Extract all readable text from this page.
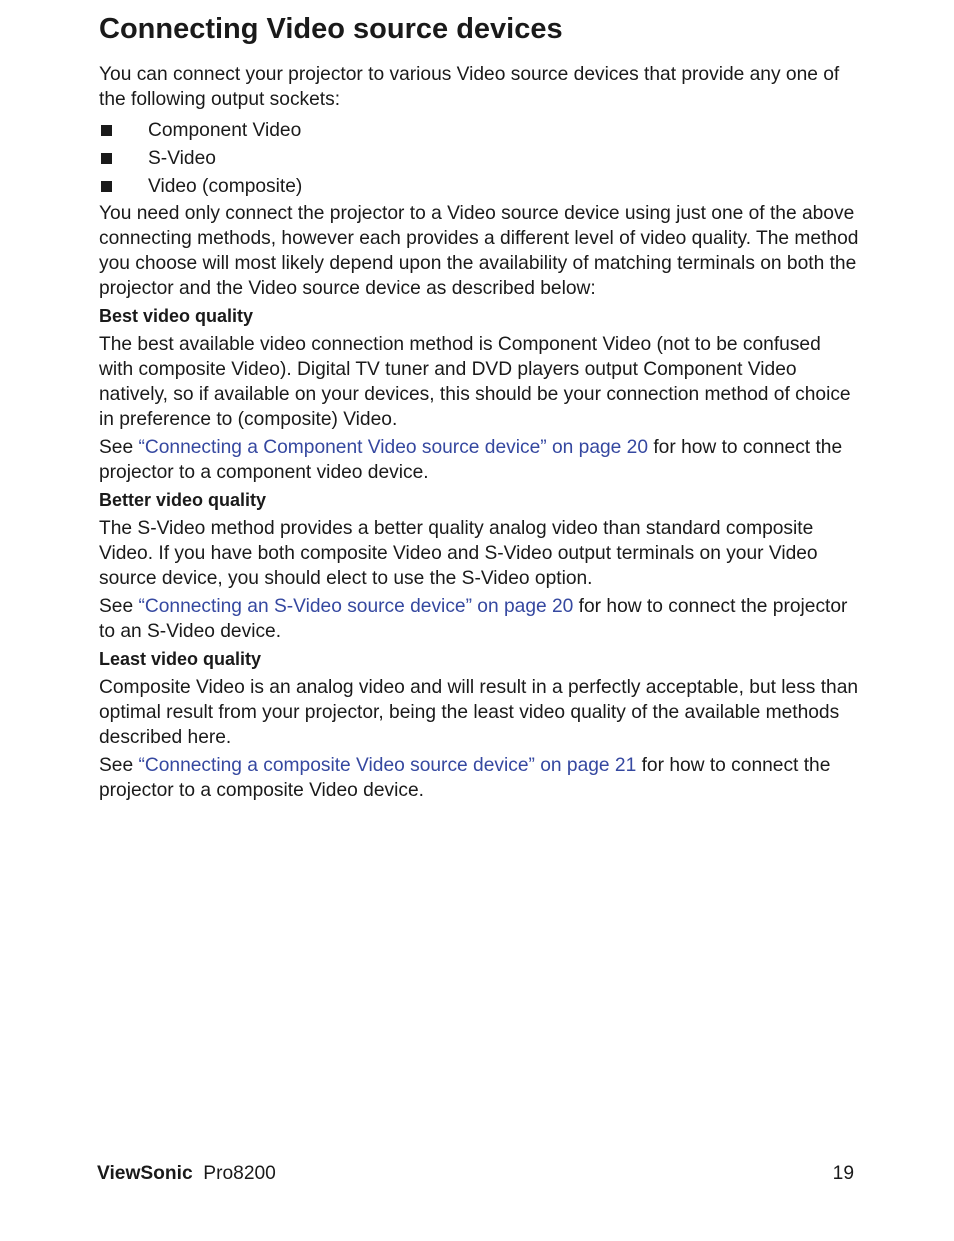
Connecting Video source devices

You can connect your projector to various Video source devices that provide any one of the following output sockets:

Component Video
S-Video
Video (composite)

You need only connect the projector to a Video source device using just one of the above connecting methods, however each provides a different level of video quality. The method you choose will most likely depend upon the availability of matching terminals on both the projector and the Video source device as described below:

Best video quality

The best available video connection method is Component Video (not to be confused with composite Video). Digital TV tuner and DVD players output Component Video natively, so if available on your devices, this should be your connection method of choice in preference to (composite) Video.

See “Connecting a Component Video source device” on page 20 for how to connect the projector to a component video device.

Better video quality

The S-Video method provides a better quality analog video than standard composite Video. If you have both composite Video and S-Video output terminals on your Video source device, you should elect to use the S-Video option.

See “Connecting an S-Video source device” on page 20 for how to connect the projector to an S-Video device.

Least video quality

Composite Video is an analog video and will result in a perfectly acceptable, but less than optimal result from your projector, being the least video quality of the available methods described here.

See “Connecting a composite Video source device” on page 21 for how to connect the projector to a composite Video device.

ViewSonic Pro8200	19
